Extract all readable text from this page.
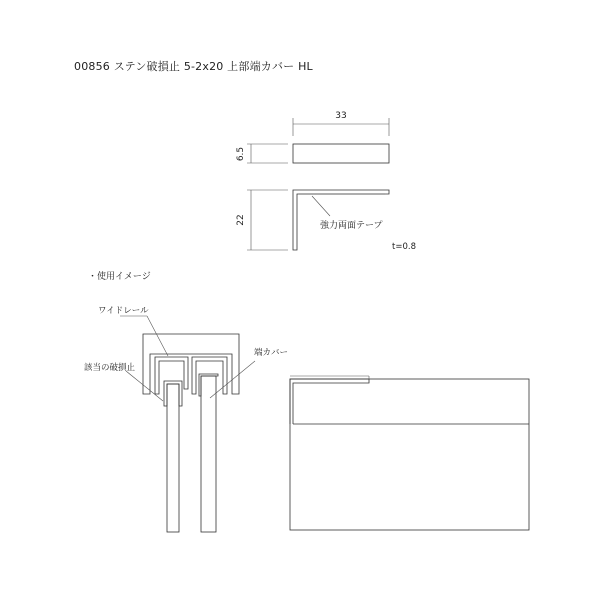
00856 ステン破損止 5-2x20 上部端カバー HL
33
6.5
22
強力両面テープ
t=0.8
・使用イメージ
ワイドレール
該当の破損止
端カバー
